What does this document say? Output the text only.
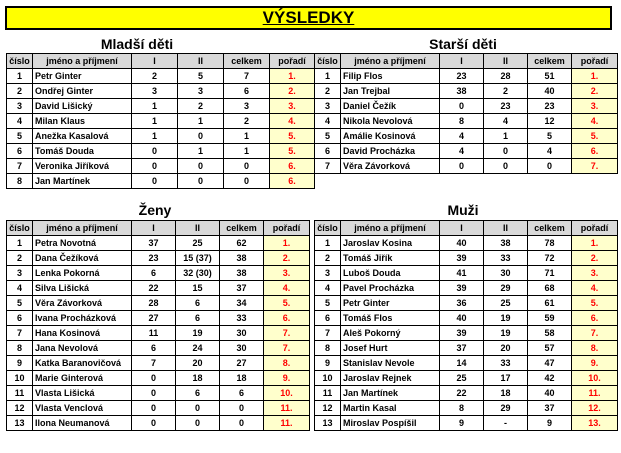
VÝSLEDKY
Mladší děti
číslo	jméno a příjmení	I	II	celkem	pořadí
1	Petr Ginter	2	5	7	1.
2	Ondřej Ginter	3	3	6	2.
3	David Lišický	1	2	3	3.
4	Milan Klaus	1	1	2	4.
5	Anežka Kasalová	1	0	1	5.
6	Tomáš Douda	0	1	1	5.
7	Veronika Jiříková	0	0	0	6.
8	Jan Martínek	0	0	0	6.
Starší děti
číslo	jméno a příjmení	I	II	celkem	pořadí
1	Filip Flos	23	28	51	1.
2	Jan Trejbal	38	2	40	2.
3	Daniel Čežík	0	23	23	3.
4	Nikola Nevolová	8	4	12	4.
5	Amálie Kosinová	4	1	5	5.
6	David Procházka	4	0	4	6.
7	Věra Závorková	0	0	0	7.
Ženy
číslo	jméno a příjmení	I	II	celkem	pořadí
1	Petra Novotná	37	25	62	1.
2	Dana Čežíková	23	15 (37)	38	2.
3	Lenka Pokorná	6	32 (30)	38	3.
4	Silva Lišická	22	15	37	4.
5	Věra Závorková	28	6	34	5.
6	Ivana Procházková	27	6	33	6.
7	Hana Kosinová	11	19	30	7.
8	Jana Nevolová	6	24	30	7.
9	Katka Baranovičová	7	20	27	8.
10	Marie Ginterová	0	18	18	9.
11	Vlasta Lišická	0	6	6	10.
12	Vlasta Venclová	0	0	0	11.
13	Ilona Neumanová	0	0	0	11.
Muži
číslo	jméno a příjmení	I	II	celkem	pořadí
1	Jaroslav Kosina	40	38	78	1.
2	Tomáš Jiřík	39	33	72	2.
3	Luboš Douda	41	30	71	3.
4	Pavel Procházka	39	29	68	4.
5	Petr Ginter	36	25	61	5.
6	Tomáš Flos	40	19	59	6.
7	Aleš Pokorný	39	19	58	7.
8	Josef Hurt	37	20	57	8.
9	Stanislav Nevole	14	33	47	9.
10	Jaroslav Rejnek	25	17	42	10.
11	Jan Martínek	22	18	40	11.
12	Martin Kasal	8	29	37	12.
13	Miroslav Pospíšil	9	-	9	13.
